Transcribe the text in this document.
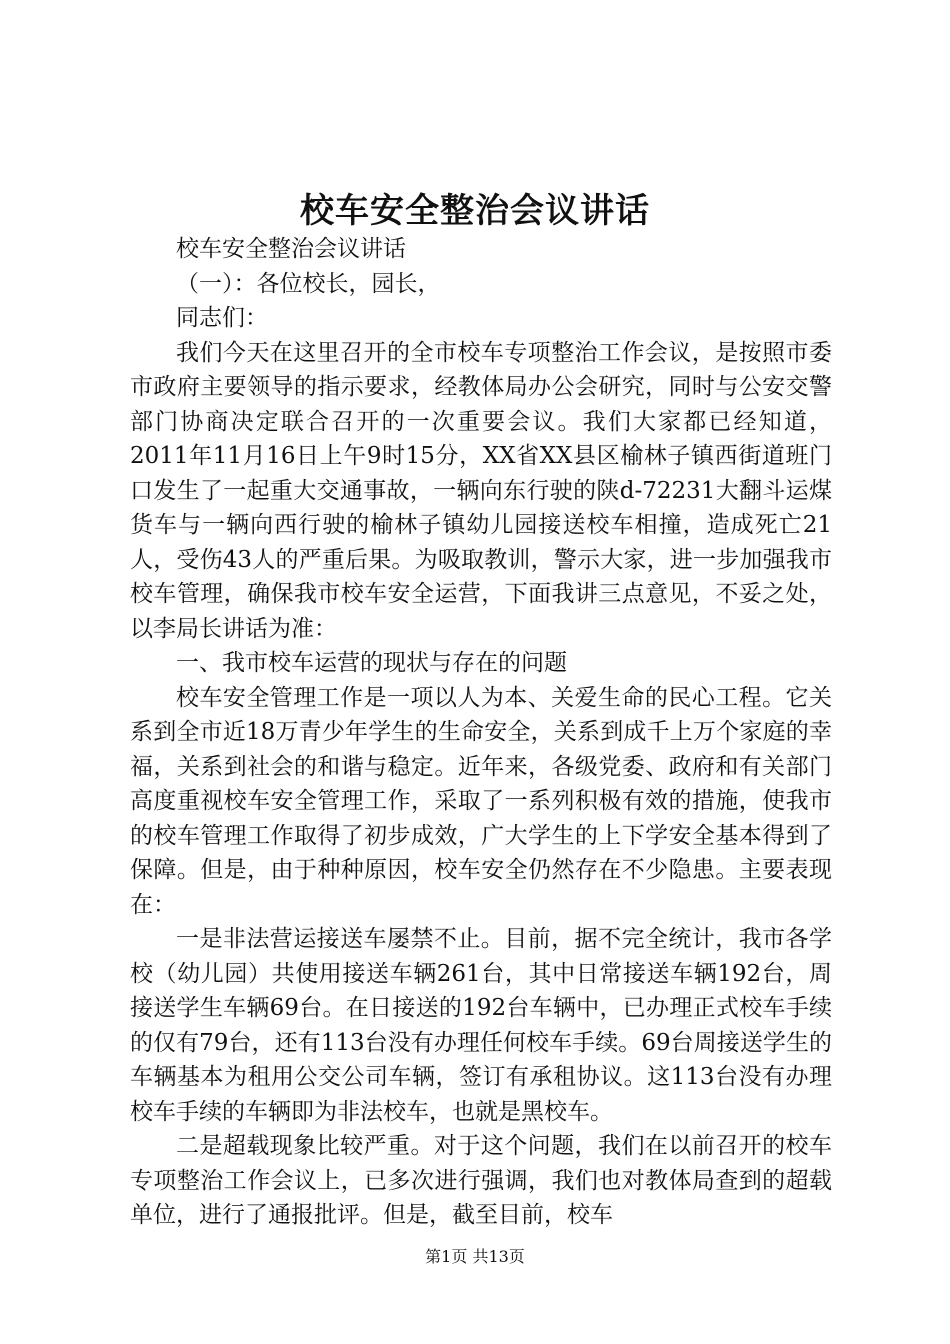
校车安全整治会议讲话

校车安全整治会议讲话

（一）：各位校长，园长，

同志们：

我们今天在这里召开的全市校车专项整治工作会议，是按照市委市政府主要领导的指示要求，经教体局办公会研究，同时与公安交警部门协商决定联合召开的一次重要会议。我们大家都已经知道，2011年11月16日上午9时15分，XX省XX县区榆林子镇西街道班门口发生了一起重大交通事故，一辆向东行驶的陕d-72231大翻斗运煤货车与一辆向西行驶的榆林子镇幼儿园接送校车相撞，造成死亡21人，受伤43人的严重后果。为吸取教训，警示大家，进一步加强我市校车管理，确保我市校车安全运营，下面我讲三点意见，不妥之处，以李局长讲话为准：

一、我市校车运营的现状与存在的问题

校车安全管理工作是一项以人为本、关爱生命的民心工程。它关系到全市近18万青少年学生的生命安全，关系到成千上万个家庭的幸福，关系到社会的和谐与稳定。近年来，各级党委、政府和有关部门高度重视校车安全管理工作，采取了一系列积极有效的措施，使我市的校车管理工作取得了初步成效，广大学生的上下学安全基本得到了保障。但是，由于种种原因，校车安全仍然存在不少隐患。主要表现在：

一是非法营运接送车屡禁不止。目前，据不完全统计，我市各学校（幼儿园）共使用接送车辆261台，其中日常接送车辆192台，周接送学生车辆69台。在日接送的192台车辆中，已办理正式校车手续的仅有79台，还有113台没有办理任何校车手续。69台周接送学生的车辆基本为租用公交公司车辆，签订有承租协议。这113台没有办理校车手续的车辆即为非法校车，也就是黑校车。

二是超载现象比较严重。对于这个问题，我们在以前召开的校车专项整治工作会议上，已多次进行强调，我们也对教体局查到的超载单位，进行了通报批评。但是，截至目前，校车

第1页 共13页
